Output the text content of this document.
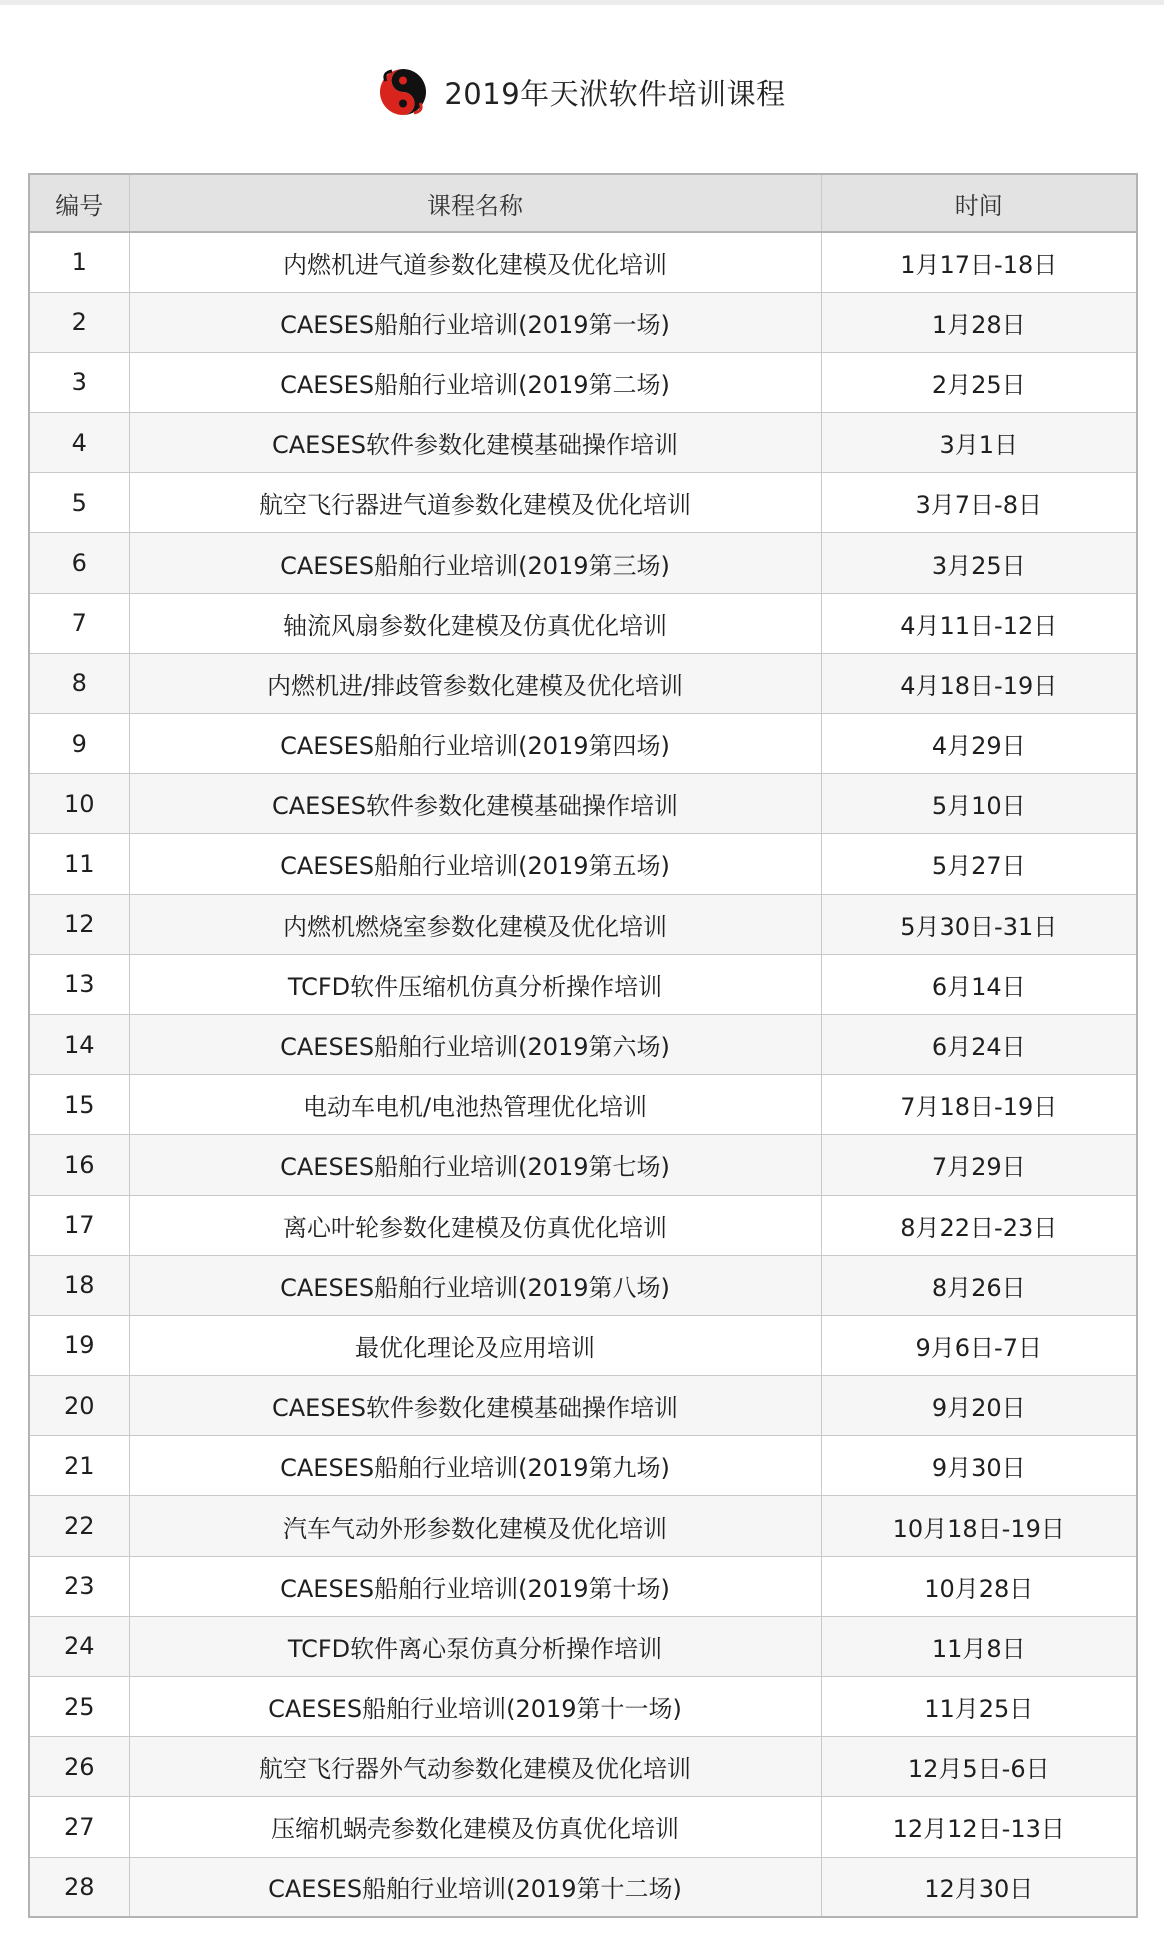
2019年天洑软件培训课程
编号	课程名称	时间
1	内燃机进气道参数化建模及优化培训	1月17日-18日
2	CAESES船舶行业培训(2019第一场)	1月28日
3	CAESES船舶行业培训(2019第二场)	2月25日
4	CAESES软件参数化建模基础操作培训	3月1日
5	航空飞行器进气道参数化建模及优化培训	3月7日-8日
6	CAESES船舶行业培训(2019第三场)	3月25日
7	轴流风扇参数化建模及仿真优化培训	4月11日-12日
8	内燃机进/排歧管参数化建模及优化培训	4月18日-19日
9	CAESES船舶行业培训(2019第四场)	4月29日
10	CAESES软件参数化建模基础操作培训	5月10日
11	CAESES船舶行业培训(2019第五场)	5月27日
12	内燃机燃烧室参数化建模及优化培训	5月30日-31日
13	TCFD软件压缩机仿真分析操作培训	6月14日
14	CAESES船舶行业培训(2019第六场)	6月24日
15	电动车电机/电池热管理优化培训	7月18日-19日
16	CAESES船舶行业培训(2019第七场)	7月29日
17	离心叶轮参数化建模及仿真优化培训	8月22日-23日
18	CAESES船舶行业培训(2019第八场)	8月26日
19	最优化理论及应用培训	9月6日-7日
20	CAESES软件参数化建模基础操作培训	9月20日
21	CAESES船舶行业培训(2019第九场)	9月30日
22	汽车气动外形参数化建模及优化培训	10月18日-19日
23	CAESES船舶行业培训(2019第十场)	10月28日
24	TCFD软件离心泵仿真分析操作培训	11月8日
25	CAESES船舶行业培训(2019第十一场)	11月25日
26	航空飞行器外气动参数化建模及优化培训	12月5日-6日
27	压缩机蜗壳参数化建模及仿真优化培训	12月12日-13日
28	CAESES船舶行业培训(2019第十二场)	12月30日
